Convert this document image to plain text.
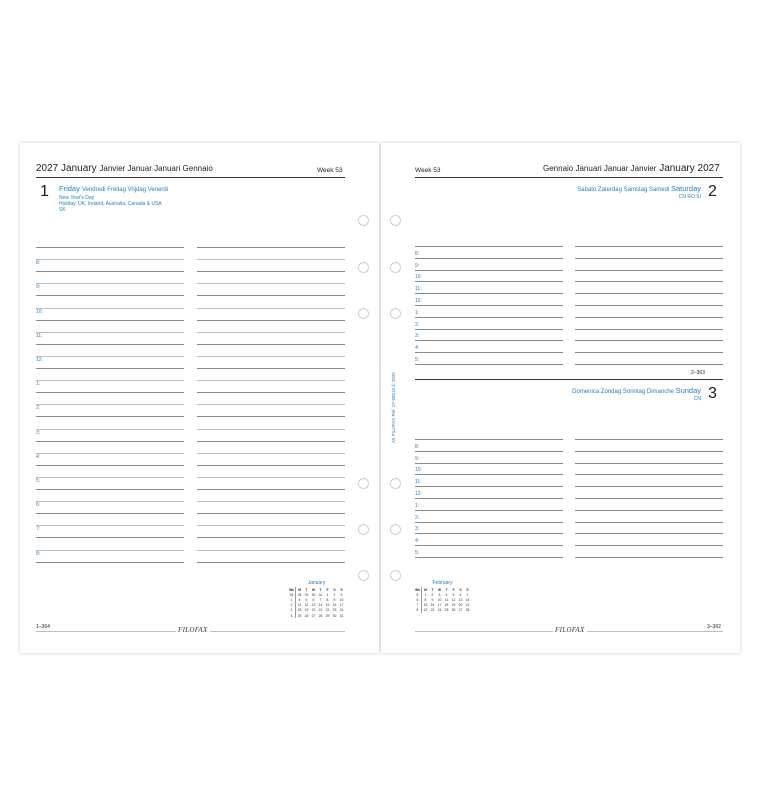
2027 January Janvier Januar Januari Gennaio	Week 53
1 Friday Vendredi Freitag Vrijdag Venerdi
New Year's Day
Holiday, UK, Ireland, Australia, Canada & USA
SK
8:
9:
10:
11:
12:
1:
2:
3:
4:
5:
6:
7:
8:
January
Wk	M	T	W	T	F	S	S
53	28	29	30	31	1	2	3
1	4	5	6	7	8	9	10
2	11	12	13	14	15	16	17
3	18	19	20	21	22	23	24
4	25	26	27	28	29	30	31
1–364	FILOFAX
Week 53	Gennaio Januari Januar Janvier January 2027
Sabato Zaterdag Samstag Samedi Saturday
CN RO SI 2
8:
9:
10:
11:
12:
1:
2:
3:
4:
5:
2–363
Domenica Zondag Sonntag Dimanche Sunday
CN 3
8:
9:
10:
11:
12:
1:
2:
3:
4:
5:
February
Wk	M	T	W	T	F	S	S
5	1	2	3	4	5	6	7
6	8	9	10	11	12	13	14
7	15	16	17	18	19	20	21
8	22	23	24	25	26	27	28
FILOFAX	3–362
A5 FILOFAX Ref. 27-68515 © 2025
